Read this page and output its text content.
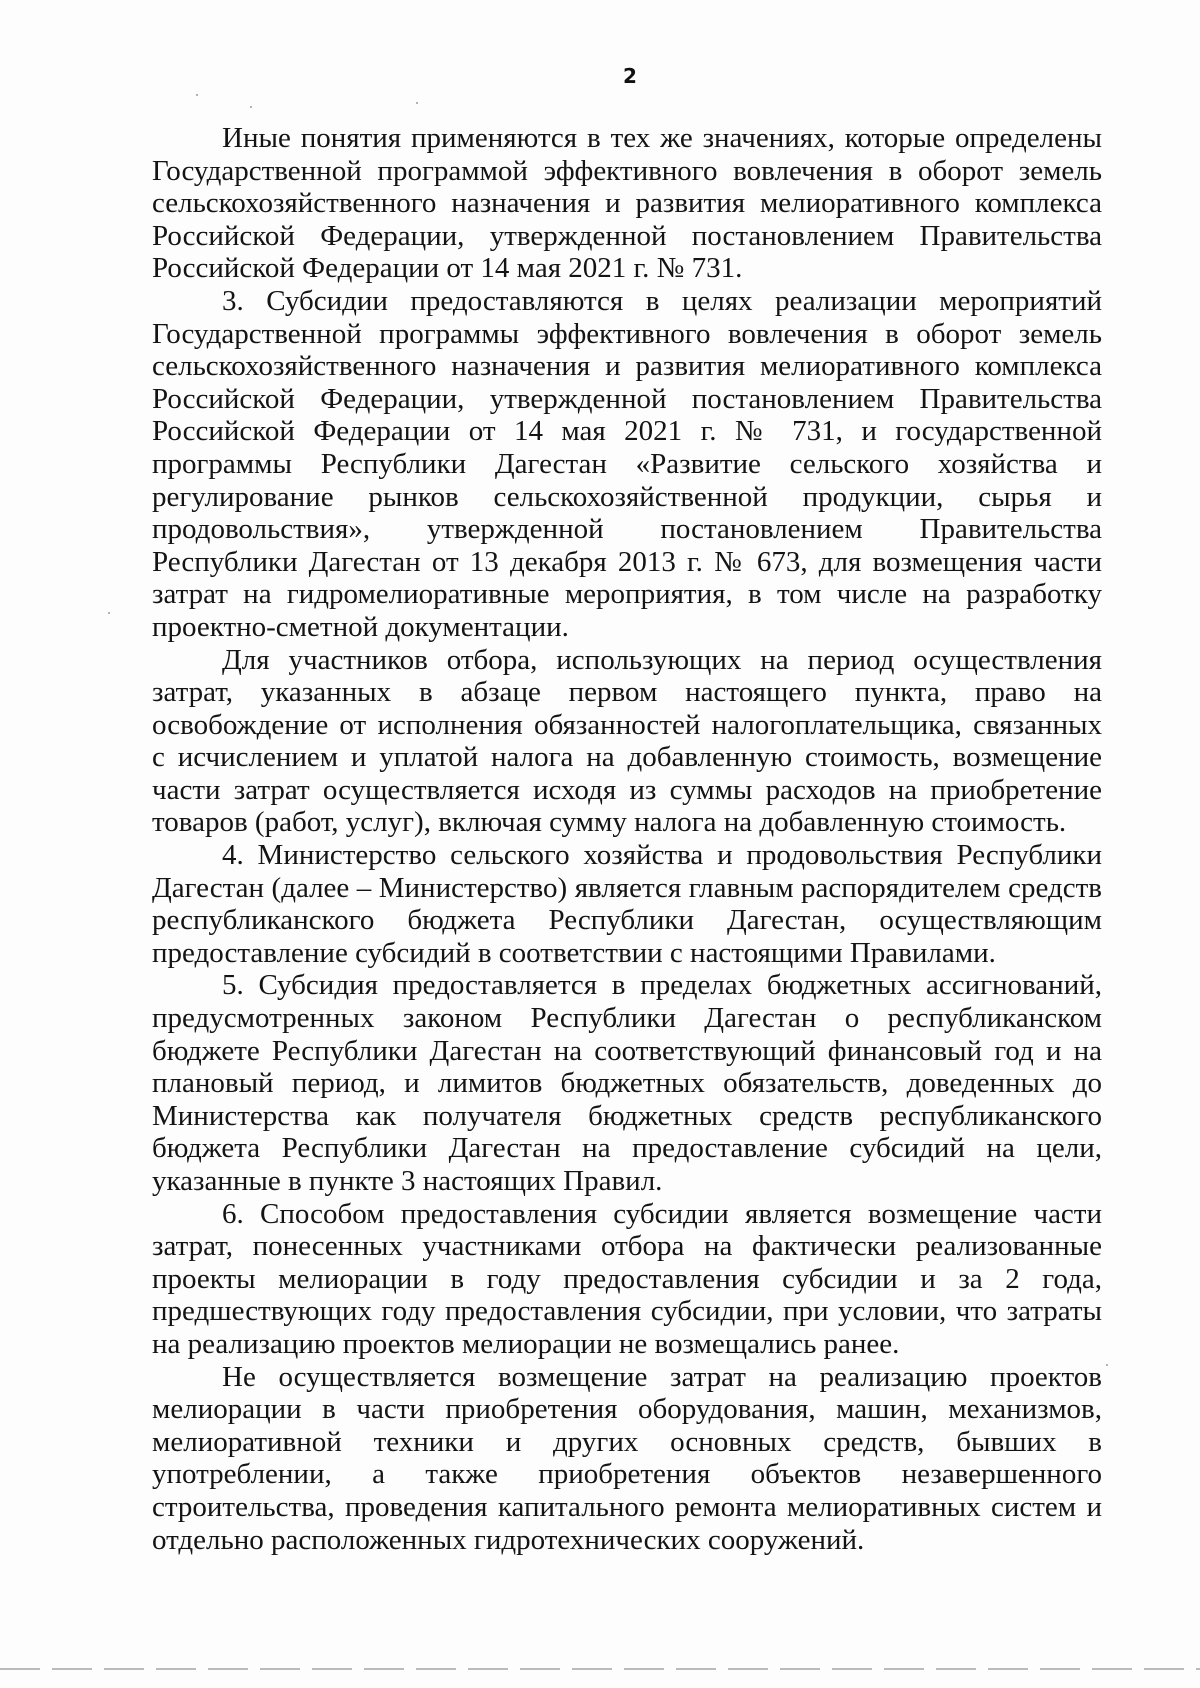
2

Иные понятия применяются в тех же значениях, которые определены Государственной программой эффективного вовлечения в оборот земель сельскохозяйственного назначения и развития мелиоративного комплекса Российской Федерации, утвержденной постановлением Правительства Российской Федерации от 14 мая 2021 г. № 731.

3. Субсидии предоставляются в целях реализации мероприятий Государственной программы эффективного вовлечения в оборот земель сельскохозяйственного назначения и развития мелиоративного комплекса Российской Федерации, утвержденной постановлением Правительства Российской Федерации от 14 мая 2021 г. № 731, и государственной программы Республики Дагестан «Развитие сельского хозяйства и регулирование рынков сельскохозяйственной продукции, сырья и продовольствия», утвержденной постановлением Правительства Республики Дагестан от 13 декабря 2013 г. № 673, для возмещения части затрат на гидромелиоративные мероприятия, в том числе на разработку проектно-сметной документации.

Для участников отбора, использующих на период осуществления затрат, указанных в абзаце первом настоящего пункта, право на освобождение от исполнения обязанностей налогоплательщика, связанных с исчислением и уплатой налога на добавленную стоимость, возмещение части затрат осуществляется исходя из суммы расходов на приобретение товаров (работ, услуг), включая сумму налога на добавленную стоимость.

4. Министерство сельского хозяйства и продовольствия Республики Дагестан (далее – Министерство) является главным распорядителем средств республиканского бюджета Республики Дагестан, осуществляющим предоставление субсидий в соответствии с настоящими Правилами.

5. Субсидия предоставляется в пределах бюджетных ассигнований, предусмотренных законом Республики Дагестан о республиканском бюджете Республики Дагестан на соответствующий финансовый год и на плановый период, и лимитов бюджетных обязательств, доведенных до Министерства как получателя бюджетных средств республиканского бюджета Республики Дагестан на предоставление субсидий на цели, указанные в пункте 3 настоящих Правил.

6. Способом предоставления субсидии является возмещение части затрат, понесенных участниками отбора на фактически реализованные проекты мелиорации в году предоставления субсидии и за 2 года, предшествующих году предоставления субсидии, при условии, что затраты на реализацию проектов мелиорации не возмещались ранее.

Не осуществляется возмещение затрат на реализацию проектов мелиорации в части приобретения оборудования, машин, механизмов, мелиоративной техники и других основных средств, бывших в употреблении, а также приобретения объектов незавершенного строительства, проведения капитального ремонта мелиоративных систем и отдельно расположенных гидротехнических сооружений.
